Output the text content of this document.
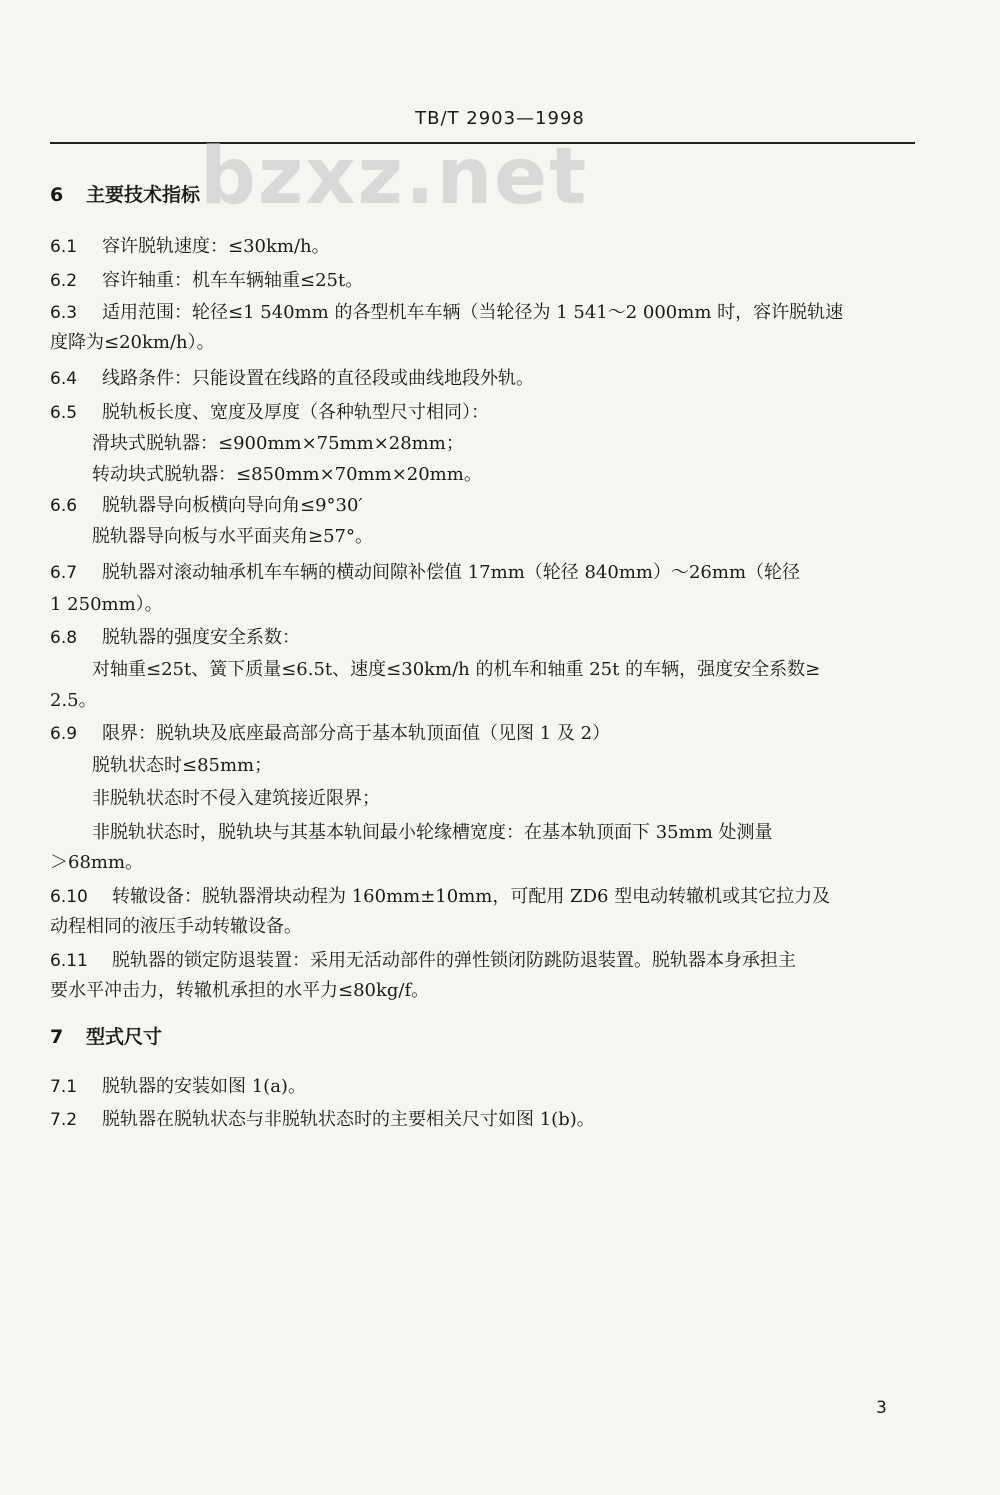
TB/T 2903—1998
bzxz.net
6 主要技术指标
6.1 容许脱轨速度：≤30km/h。
6.2 容许轴重：机车车辆轴重≤25t。
6.3 适用范围：轮径≤1 540mm 的各型机车车辆（当轮径为 1 541～2 000mm 时，容许脱轨速
度降为≤20km/h）。
6.4 线路条件：只能设置在线路的直径段或曲线地段外轨。
6.5 脱轨板长度、宽度及厚度（各种轨型尺寸相同）：
滑块式脱轨器：≤900mm×75mm×28mm；
转动块式脱轨器：≤850mm×70mm×20mm。
6.6 脱轨器导向板横向导向角≤9°30′
脱轨器导向板与水平面夹角≥57°。
6.7 脱轨器对滚动轴承机车车辆的横动间隙补偿值 17mm（轮径 840mm）～26mm（轮径
1 250mm）。
6.8 脱轨器的强度安全系数：
对轴重≤25t、簧下质量≤6.5t、速度≤30km/h 的机车和轴重 25t 的车辆，强度安全系数≥
2.5。
6.9 限界：脱轨块及底座最高部分高于基本轨顶面值（见图 1 及 2）
脱轨状态时≤85mm；
非脱轨状态时不侵入建筑接近限界；
非脱轨状态时，脱轨块与其基本轨间最小轮缘槽宽度：在基本轨顶面下 35mm 处测量
＞68mm。
6.10 转辙设备：脱轨器滑块动程为 160mm±10mm，可配用 ZD6 型电动转辙机或其它拉力及
动程相同的液压手动转辙设备。
6.11 脱轨器的锁定防退装置：采用无活动部件的弹性锁闭防跳防退装置。脱轨器本身承担主
要水平冲击力，转辙机承担的水平力≤80kg/f。
7 型式尺寸
7.1 脱轨器的安装如图 1(a)。
7.2 脱轨器在脱轨状态与非脱轨状态时的主要相关尺寸如图 1(b)。
3
